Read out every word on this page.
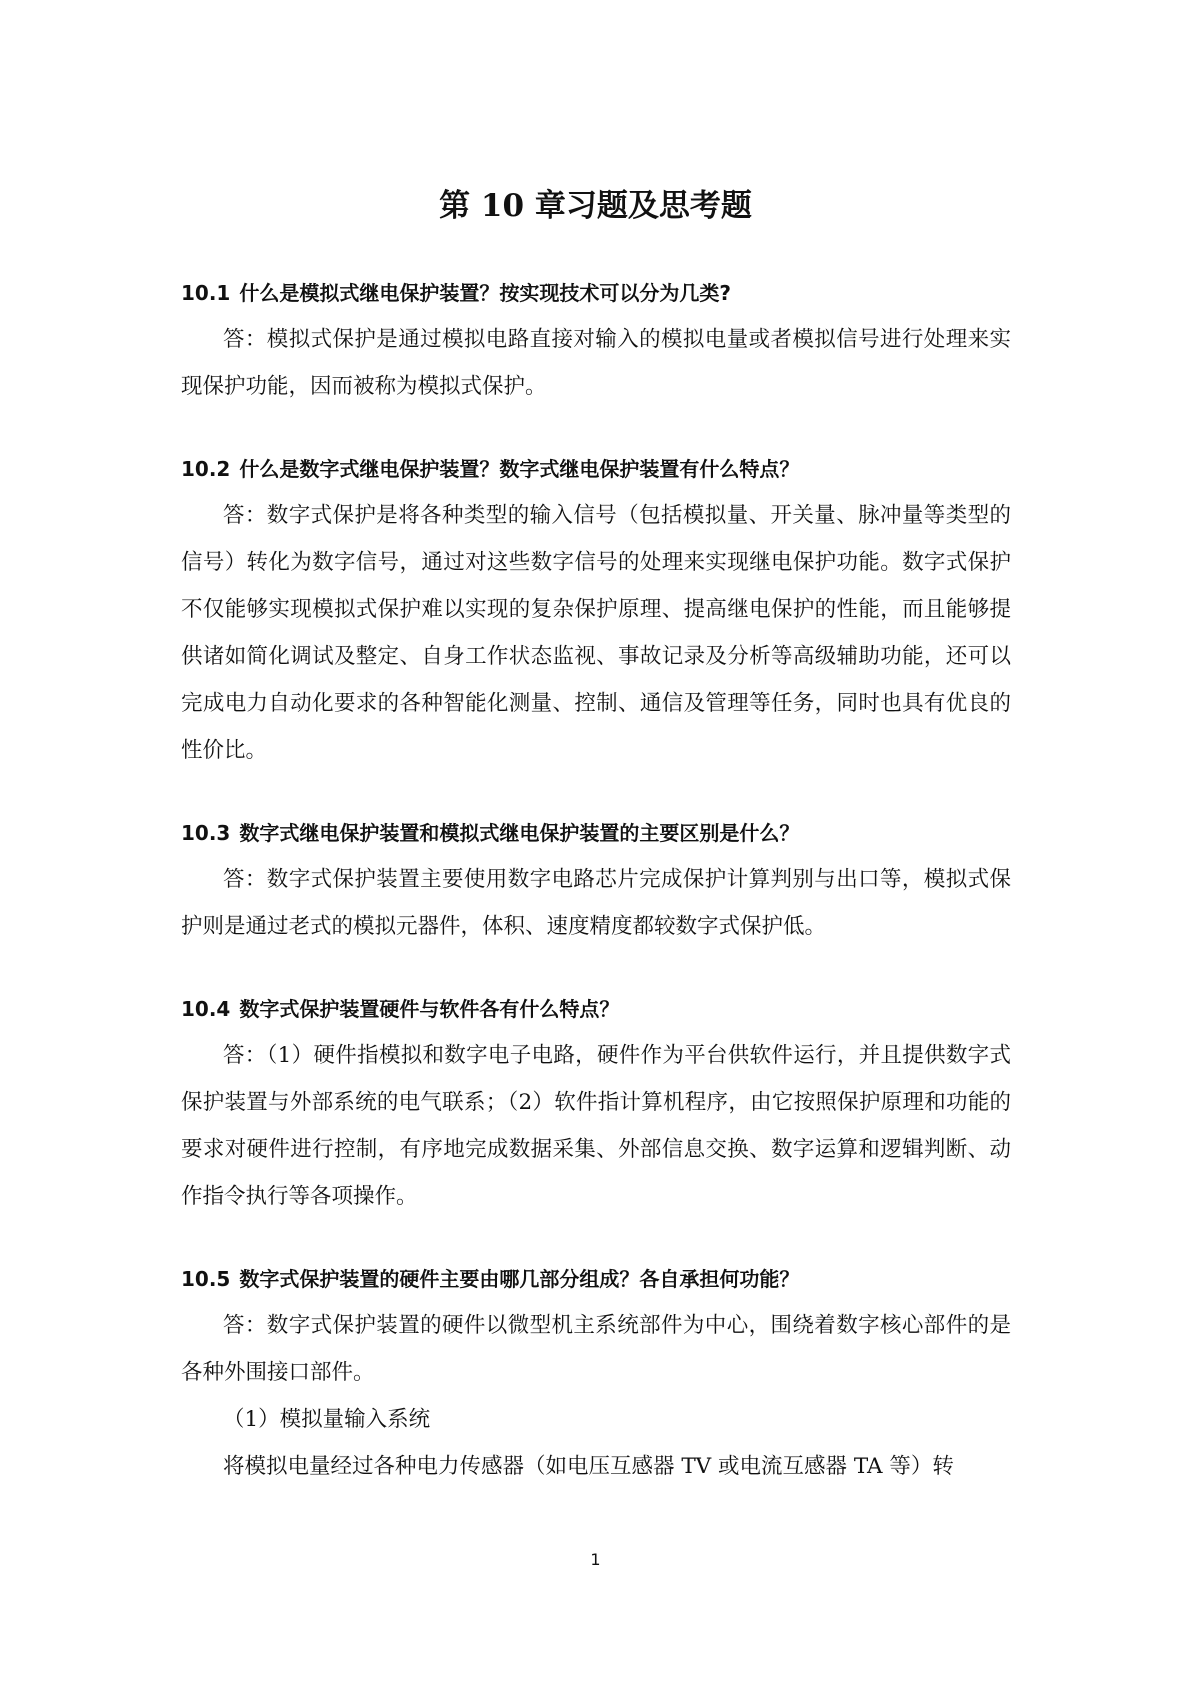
第 10 章习题及思考题
10.1 什么是模拟式继电保护装置？按实现技术可以分为几类?

答：模拟式保护是通过模拟电路直接对输入的模拟电量或者模拟信号进行处理来实现保护功能，因而被称为模拟式保护。

10.2 什么是数字式继电保护装置？数字式继电保护装置有什么特点？

答：数字式保护是将各种类型的输入信号（包括模拟量、开关量、脉冲量等类型的信号）转化为数字信号，通过对这些数字信号的处理来实现继电保护功能。数字式保护不仅能够实现模拟式保护难以实现的复杂保护原理、提高继电保护的性能，而且能够提供诸如简化调试及整定、自身工作状态监视、事故记录及分析等高级辅助功能，还可以完成电力自动化要求的各种智能化测量、控制、通信及管理等任务，同时也具有优良的性价比。

10.3 数字式继电保护装置和模拟式继电保护装置的主要区别是什么？

答：数字式保护装置主要使用数字电路芯片完成保护计算判别与出口等，模拟式保护则是通过老式的模拟元器件，体积、速度精度都较数字式保护低。

10.4 数字式保护装置硬件与软件各有什么特点？

答：（1）硬件指模拟和数字电子电路，硬件作为平台供软件运行，并且提供数字式保护装置与外部系统的电气联系；（2）软件指计算机程序，由它按照保护原理和功能的要求对硬件进行控制，有序地完成数据采集、外部信息交换、数字运算和逻辑判断、动作指令执行等各项操作。

10.5 数字式保护装置的硬件主要由哪几部分组成？各自承担何功能？

答：数字式保护装置的硬件以微型机主系统部件为中心，围绕着数字核心部件的是各种外围接口部件。

（1）模拟量输入系统

将模拟电量经过各种电力传感器（如电压互感器 TV 或电流互感器 TA 等）转

1
